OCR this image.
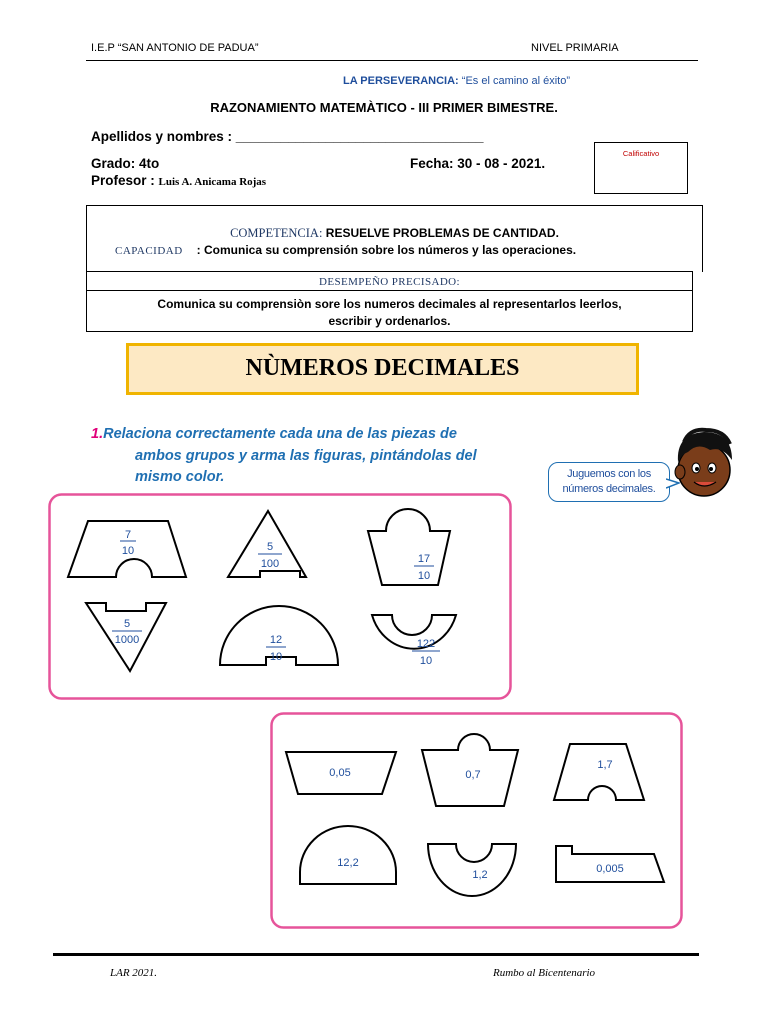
I.E.P “SAN ANTONIO DE PADUA”	NIVEL PRIMARIA
LA PERSEVERANCIA: “Es el camino al éxito”
RAZONAMIENTO MATEMÀTICO - III PRIMER BIMESTRE.
Apellidos y nombres : _________________________________
Grado: 4to	Fecha: 30 - 08 - 2021.
Profesor : Luis A. Anicama Rojas
Calificativo
COMPETENCIA: RESUELVE PROBLEMAS DE CANTIDAD.
CAPACIDAD : Comunica su comprensión sobre los números y las operaciones.
DESEMPEÑO PRECISADO:
Comunica su comprensiòn sore los numeros decimales al representarlos leerlos,
escribir y ordenarlos.
NÙMEROS DECIMALES
1.Relaciona correctamente cada una de las piezas de
ambos grupos y arma las figuras, pintándolas del
mismo color.	Juguemos con los
números decimales.
7
10	5
100	17
10
5
1000	12
10
122
10
0,05	0,7
1,7
12,2
1,2	0,005
LAR 2021.	Rumbo al Bicentenario
